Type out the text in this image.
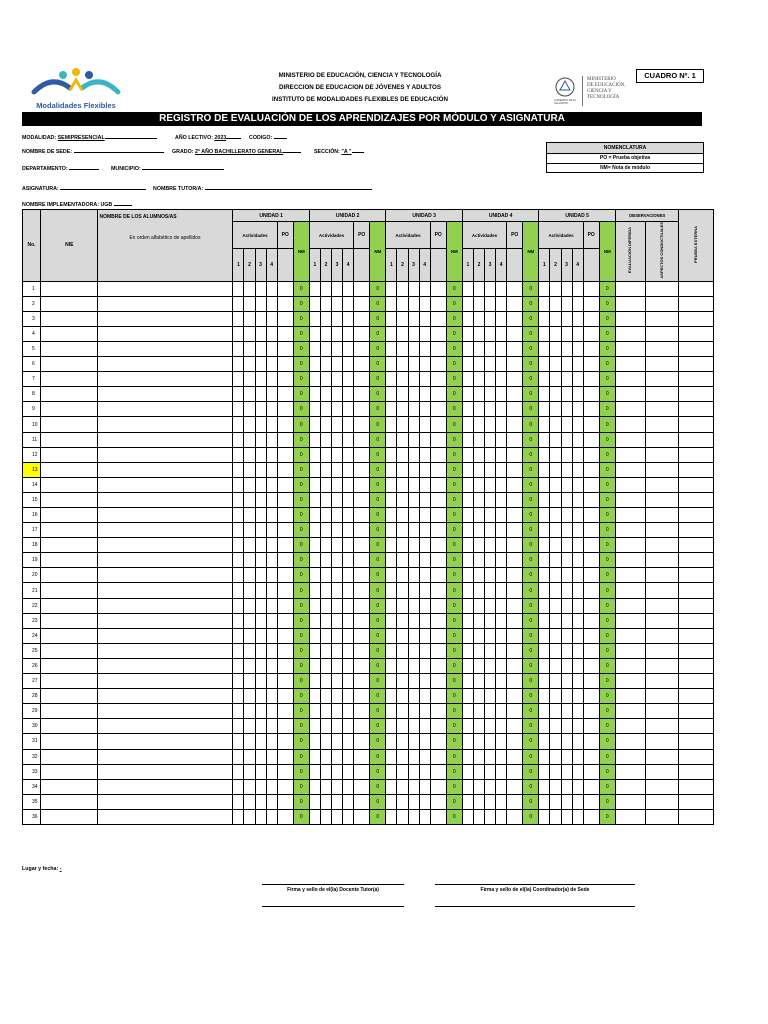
Modalidades Flexibles
MINISTERIO DE EDUCACIÓN, CIENCIA Y TECNOLOGÍA
DIRECCION DE EDUCACION DE JÓVENES Y ADULTOS
INSTITUTO DE MODALIDADES FLEXIBLES DE EDUCACIÓN	GOBIERNO DE EL SALVADOR
MINISTERIO
DE EDUCACIÓN,
CIENCIA Y
TECNOLOGÍA
CUADRO Nº. 1
REGISTRO DE EVALUACIÓN DE LOS APRENDIZAJES POR MÓDULO Y ASIGNATURA
MODALIDAD: SEMIPRESENCIAL	AÑO LECTIVO: 2023	CODIGO:
NOMBRE DE SEDE:	GRADO: 2° AÑO BACHILLERATO GENERAL	SECCIÓN: "A "
DEPARTAMENTO:	MUNICIPIO:
NOMENCLATURA
PO = Prueba objetiva
NM= Nota de módulo
ASIGNATURA:	NOMBRE TUTOR/A:
NOMBRE IMPLEMENTADORA: UGB
No.	NIE	NOMBRE DE LOS ALUMNOS/AS
En orden alfabético de apellidos	UNIDAD 1						UNIDAD 2						UNIDAD 3						UNIDAD 4						UNIDAD 5						OBSERVACIONES		PRUEBA EXTERNA
			Actividades				PO	NM	Actividades				PO	NM	Actividades				PO	NM	Actividades				PO	NM	Actividades				PO	NM	EVALUACIÓN DIFERIDA	ASPECTOS CONDUCTUALES	
			1	2	3	4			1	2	3	4			1	2	3	4			1	2	3	4			1	2	3	4					
1								0						0						0						0						0			
2								0						0						0						0						0			
3								0						0						0						0						0			
4								0						0						0						0						0			
5								0						0						0						0						0			
6								0						0						0						0						0			
7								0						0						0						0						0			
8								0						0						0						0						0			
9								0						0						0						0						0			
10								0						0						0						0						0			
11								0						0						0						0						0			
12								0						0						0						0						0			
13								0						0						0						0						0			
14								0						0						0						0						0			
15								0						0						0						0						0			
16								0						0						0						0						0			
17								0						0						0						0						0			
18								0						0						0						0						0			
19								0						0						0						0						0			
20								0						0						0						0						0			
21								0						0						0						0						0			
22								0						0						0						0						0			
23								0						0						0						0						0			
24								0						0						0						0						0			
25								0						0						0						0						0			
26								0						0						0						0						0			
27								0						0						0						0						0			
28								0						0						0						0						0			
29								0						0						0						0						0			
30								0						0						0						0						0			
31								0						0						0						0						0			
32								0						0						0						0						0			
33								0						0						0						0						0			
34								0						0						0						0						0			
35								0						0						0						0						0			
36								0						0						0						0						0			
Lugar y fecha: -
Firma y sello de el(la) Docente Tutor(a)	Firma y sello de el(la) Coordinador(a) de Sede
